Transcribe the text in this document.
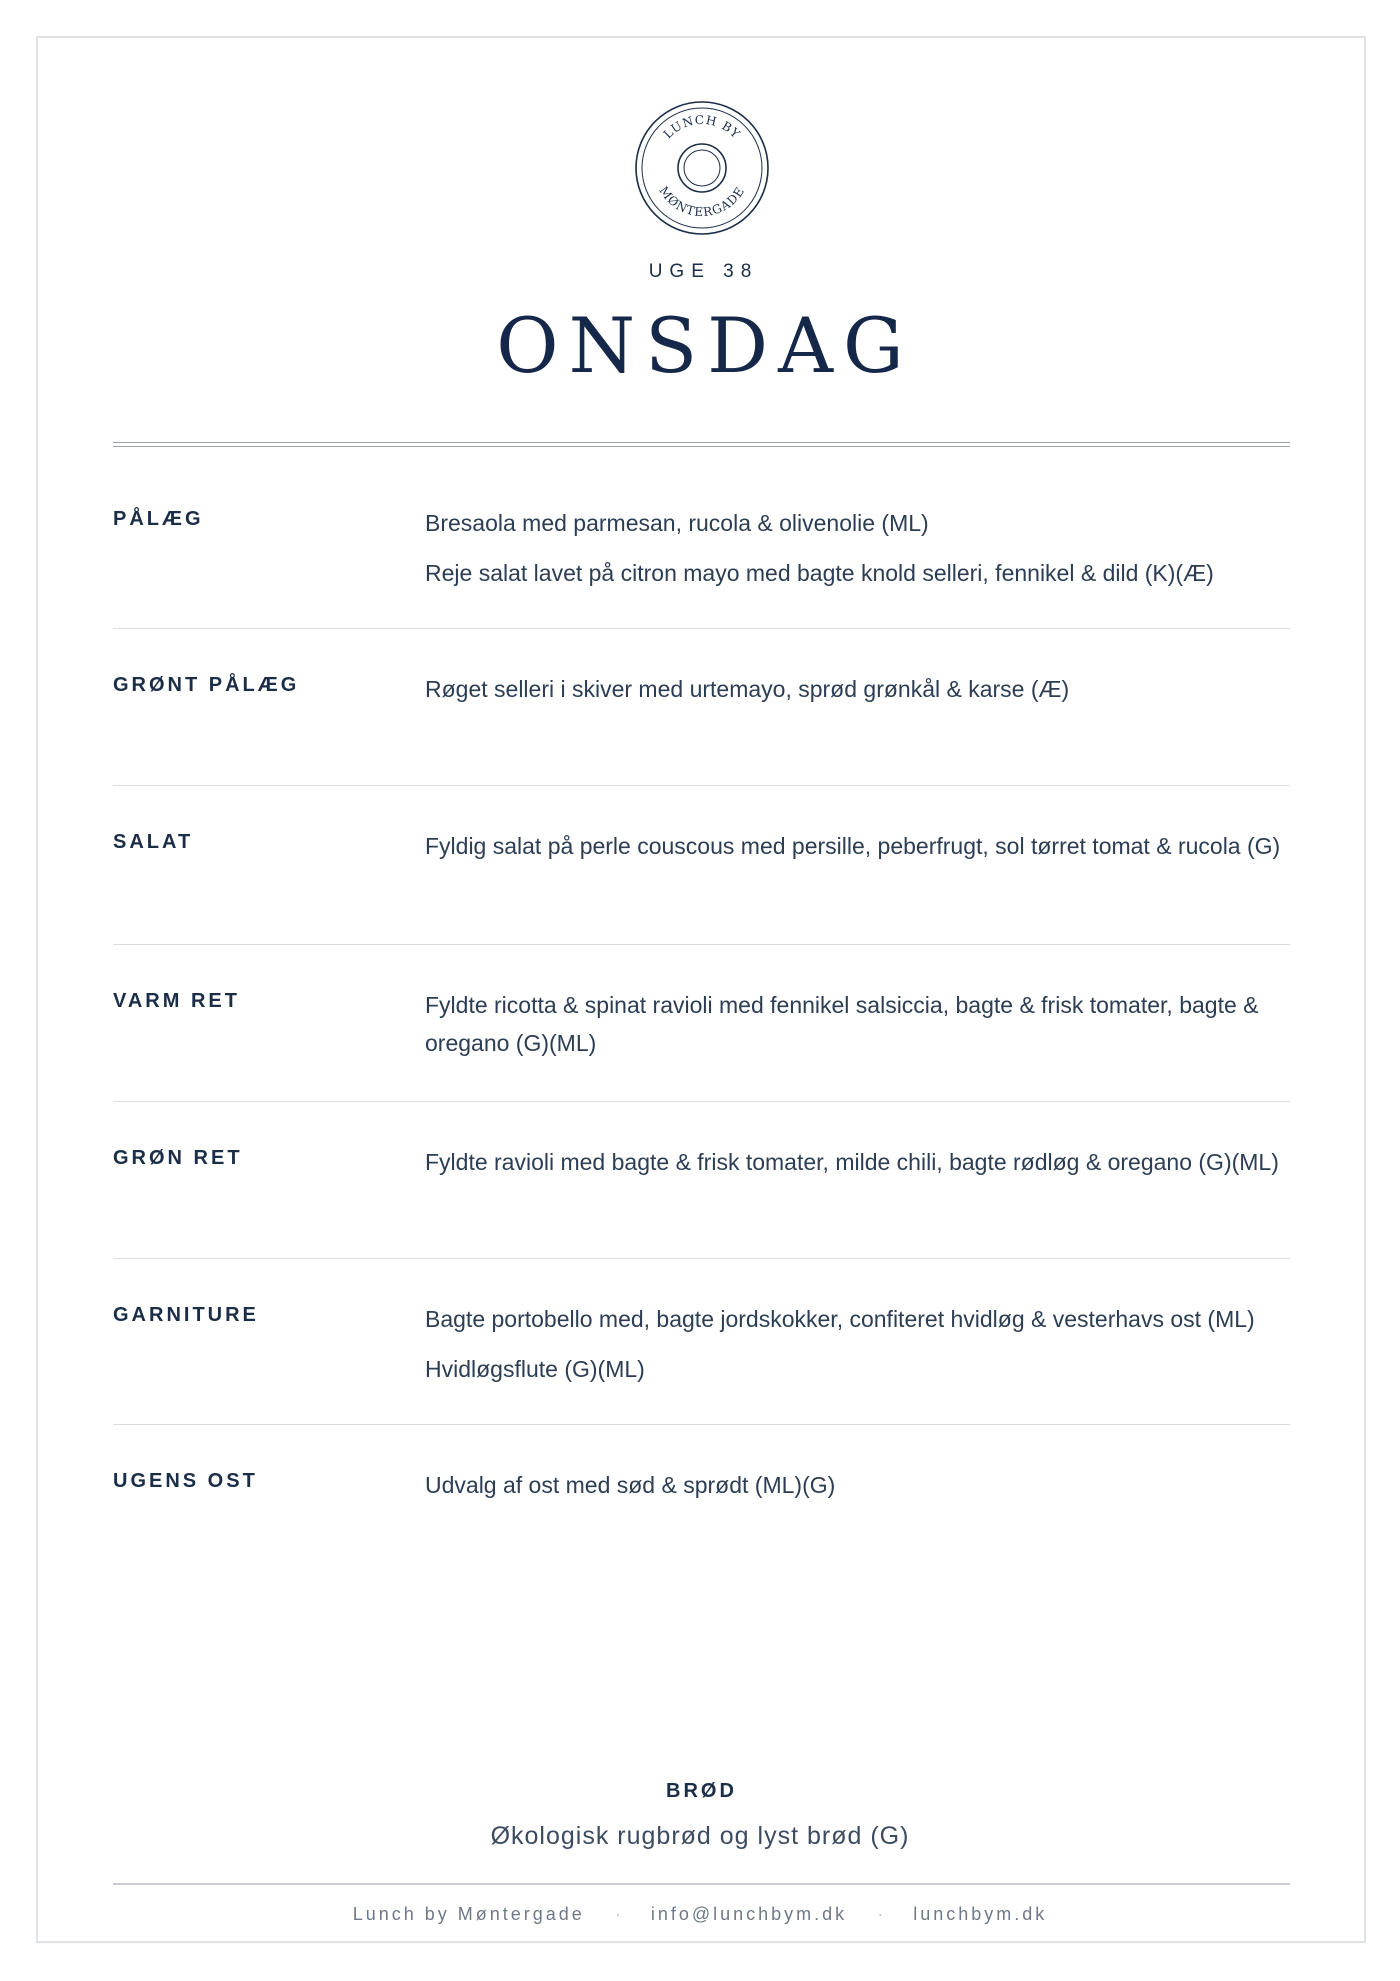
LUNCH BY
MØNTERGADE
UGE 38
ONSDAG
PÅLÆG	Bresaola med parmesan, rucola & olivenolie (ML)
Reje salat lavet på citron mayo med bagte knold selleri, fennikel & dild (K)(Æ)
GRØNT PÅLÆG	Røget selleri i skiver med urtemayo, sprød grønkål & karse (Æ)
SALAT	Fyldig salat på perle couscous med persille, peberfrugt, sol tørret tomat & rucola (G)
VARM RET	Fyldte ricotta & spinat ravioli med fennikel salsiccia, bagte & frisk tomater, bagte & oregano (G)(ML)
GRØN RET	Fyldte ravioli med bagte & frisk tomater, milde chili, bagte rødløg & oregano (G)(ML)
GARNITURE	Bagte portobello med, bagte jordskokker, confiteret hvidløg & vesterhavs ost (ML)
Hvidløgsflute (G)(ML)
UGENS OST	Udvalg af ost med sød & sprødt (ML)(G)
BRØD
Økologisk rugbrød og lyst brød (G)
Lunch by Møntergade · info@lunchbym.dk · lunchbym.dk
